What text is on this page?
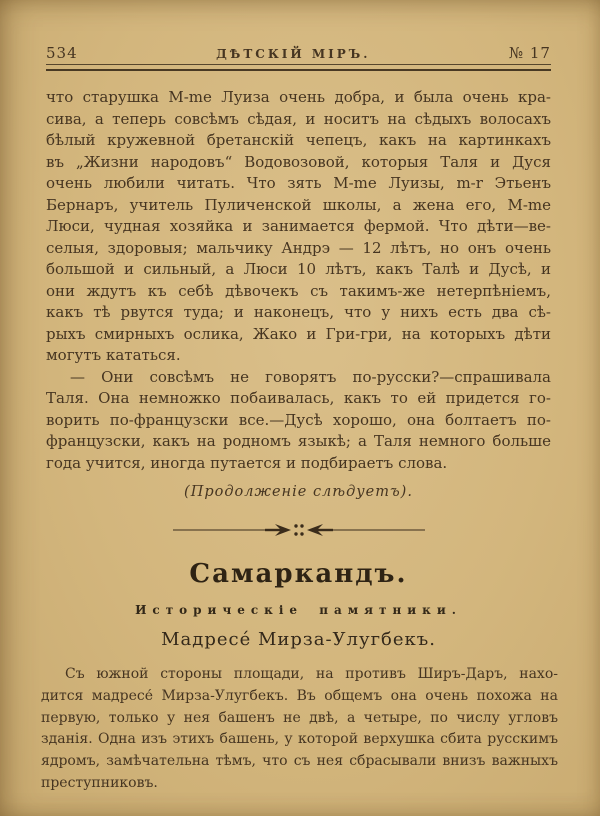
534	ДѢТСКІЙ МІРЪ.	№ 17
что старушка M-me Луиза очень добра, и была очень кра-
сива, а теперь совсѣмъ сѣдая, и носитъ на сѣдыхъ волосахъ
бѣлый кружевной бретанскій чепецъ, какъ на картинкахъ
въ „Жизни народовъ“ Водовозовой, которыя Таля и Дуся
очень любили читать. Что зять M-me Луизы, m-r Этьенъ
Бернаръ, учитель Пуличенской школы, а жена его, M-me
Люси, чудная хозяйка и занимается фермой. Что дѣти—ве-
селыя, здоровыя; мальчику Андрэ — 12 лѣтъ, но онъ очень
большой и сильный, а Люси 10 лѣтъ, какъ Талѣ и Дусѣ, и
они ждутъ къ себѣ дѣвочекъ съ такимъ-же нетерпѣніемъ,
какъ тѣ рвутся туда; и наконецъ, что у нихъ есть два сѣ-
рыхъ смирныхъ ослика, Жако и Гри-гри, на которыхъ дѣти
могутъ кататься.
— Они совсѣмъ не говорятъ по-русски?—спрашивала
Таля. Она немножко побаивалась, какъ то ей придется го-
ворить по-французски все.—Дусѣ хорошо, она болтаетъ по-
французски, какъ на родномъ языкѣ; а Таля немного больше
года учится, иногда путается и подбираетъ слова.
(Продолженіе слѣдуетъ).
Самаркандъ.
Историческіе памятники.
Мадресе́ Мирза-Улугбекъ.
Съ южной стороны площади, на противъ Ширъ-Даръ, нахо-
дится мадресе́ Мирза-Улугбекъ. Въ общемъ она очень похожа на
первую, только у нея башенъ не двѣ, а четыре, по числу угловъ
зданія. Одна изъ этихъ башень, у которой верхушка сбита русскимъ
ядромъ, замѣчательна тѣмъ, что съ нея сбрасывали внизъ важныхъ
преступниковъ.
